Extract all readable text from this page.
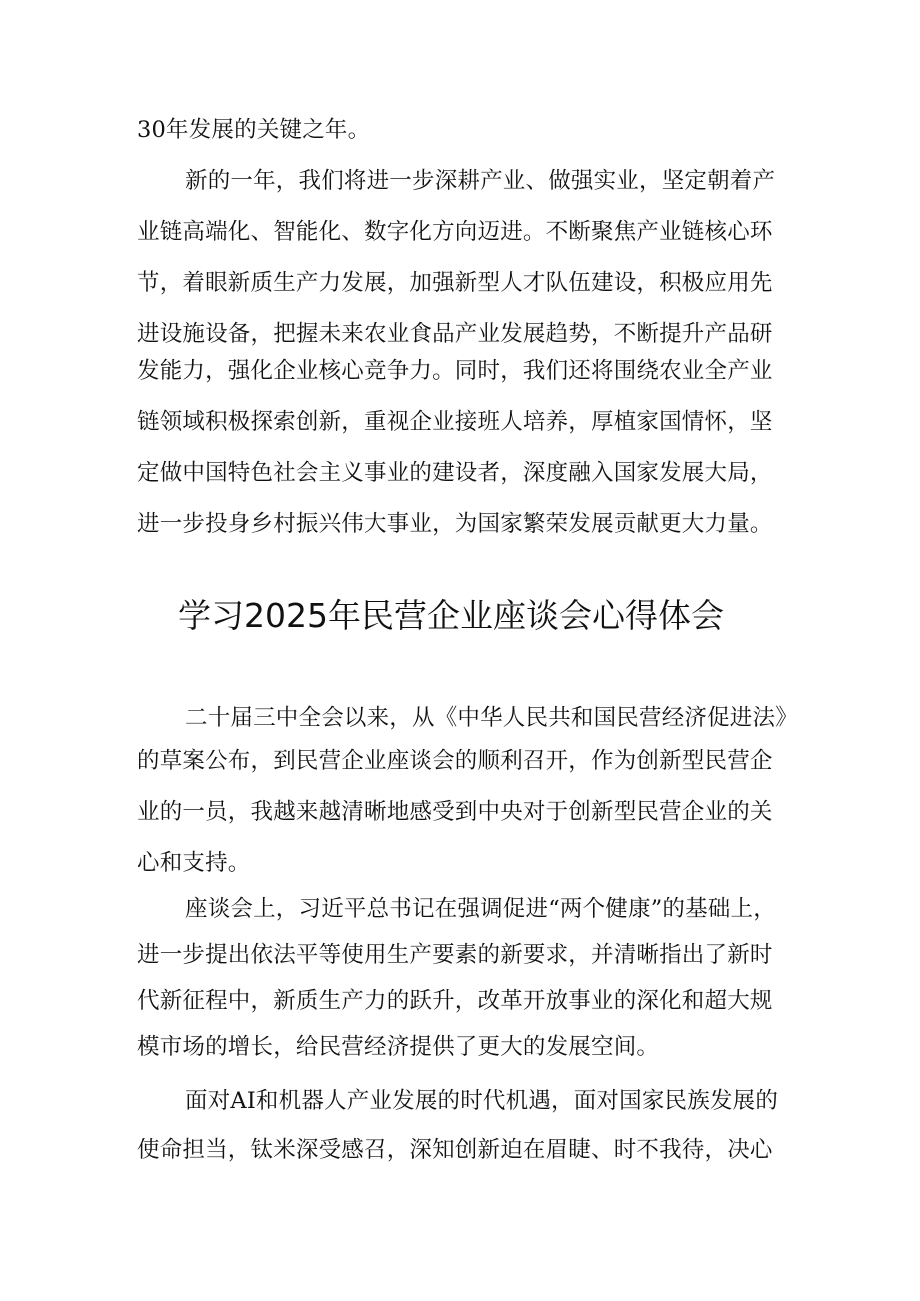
30年发展的关键之年。
新的一年，我们将进一步深耕产业、做强实业，坚定朝着产
业链高端化、智能化、数字化方向迈进。不断聚焦产业链核心环
节，着眼新质生产力发展，加强新型人才队伍建设，积极应用先
进设施设备，把握未来农业食品产业发展趋势，不断提升产品研
发能力，强化企业核心竞争力。同时，我们还将围绕农业全产业
链领域积极探索创新，重视企业接班人培养，厚植家国情怀，坚
定做中国特色社会主义事业的建设者，深度融入国家发展大局，
进一步投身乡村振兴伟大事业，为国家繁荣发展贡献更大力量。
学习2025年民营企业座谈会心得体会
二十届三中全会以来，从《中华人民共和国民营经济促进法》
的草案公布，到民营企业座谈会的顺利召开，作为创新型民营企
业的一员，我越来越清晰地感受到中央对于创新型民营企业的关
心和支持。
座谈会上，习近平总书记在强调促进“两个健康”的基础上，
进一步提出依法平等使用生产要素的新要求，并清晰指出了新时
代新征程中，新质生产力的跃升，改革开放事业的深化和超大规
模市场的增长，给民营经济提供了更大的发展空间。
面对AI和机器人产业发展的时代机遇，面对国家民族发展的
使命担当，钛米深受感召，深知创新迫在眉睫、时不我待，决心
